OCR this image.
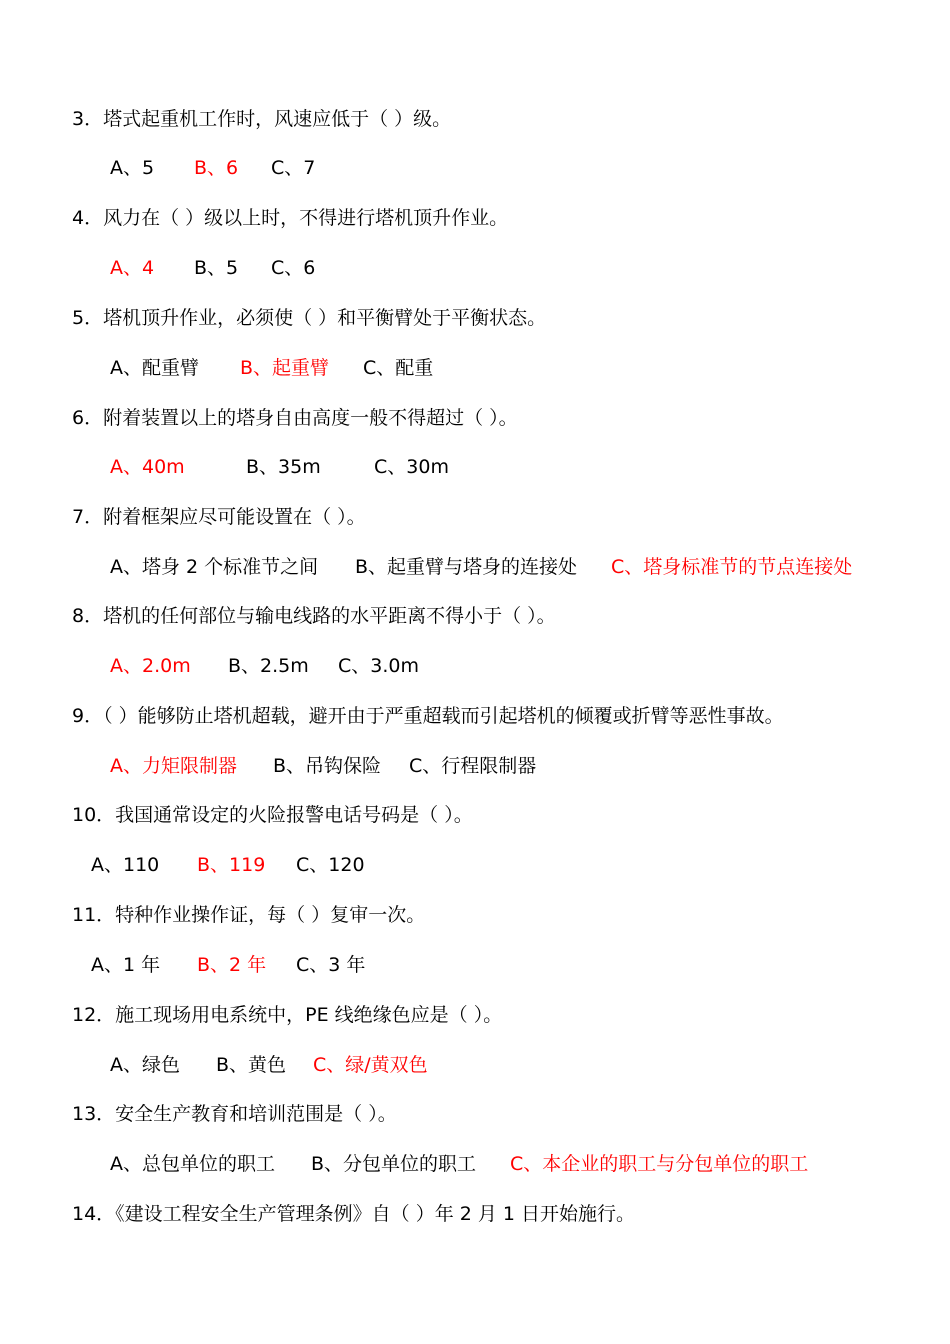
3．塔式起重机工作时，风速应低于（ ）级。
A、5 B、6 C、7
4．风力在（ ）级以上时，不得进行塔机顶升作业。
A、4 B、5 C、6
5．塔机顶升作业，必须使（ ）和平衡臂处于平衡状态。
A、配重臂 B、起重臂 C、配重
6．附着装置以上的塔身自由高度一般不得超过（ ）。
A、40m	B、35m	C、30m
7．附着框架应尽可能设置在（ ）。
A、塔身 2 个标准节之间 B、起重臂与塔身的连接处 C、塔身标准节的节点连接处
8．塔机的任何部位与输电线路的水平距离不得小于（ ）。
A、2.0m B、2.5m C、3.0m
9．（ ）能够防止塔机超载，避开由于严重超载而引起塔机的倾覆或折臂等恶性事故。
A、力矩限制器 B、吊钩保险 C、行程限制器
10．我国通常设定的火险报警电话号码是（ ）。
A、110 B、119 C、120
11．特种作业操作证，每（ ）复审一次。
A、1 年 B、2 年 C、3 年
12．施工现场用电系统中，PE 线绝缘色应是（ ）。
A、绿色 B、黄色 C、绿/黄双色
13．安全生产教育和培训范围是（ ）。
A、总包单位的职工 B、分包单位的职工 C、本企业的职工与分包单位的职工
14．《建设工程安全生产管理条例》自（ ）年 2 月 1 日开始施行。
